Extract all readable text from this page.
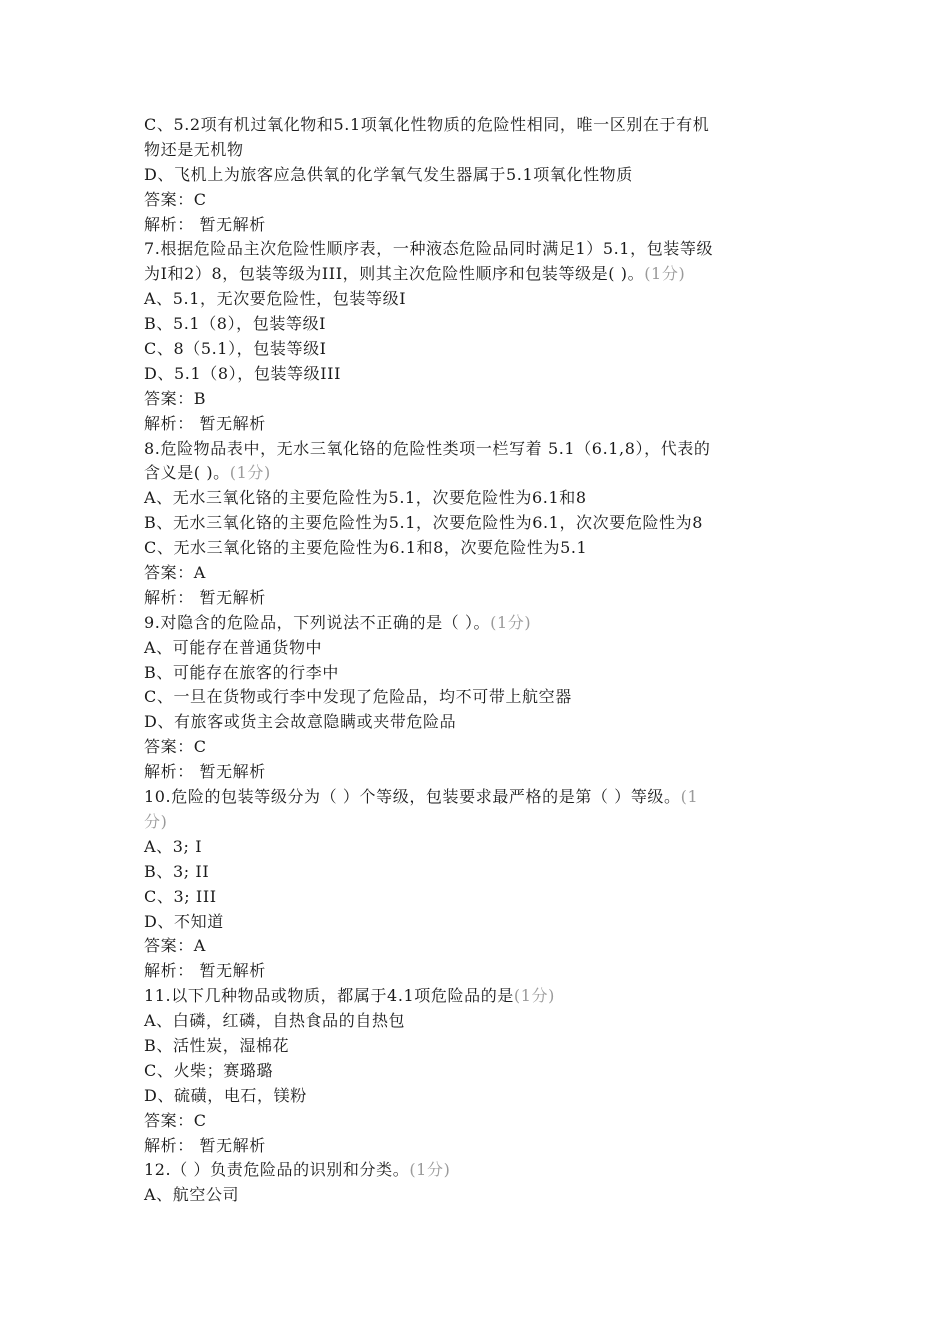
C、5.2项有机过氧化物和5.1项氧化性物质的危险性相同，唯一区别在于有机
物还是无机物
D、飞机上为旅客应急供氧的化学氧气发生器属于5.1项氧化性物质
答案：C
解析： 暂无解析
7.根据危险品主次危险性顺序表，一种液态危险品同时满足1）5.1，包装等级
为Ⅰ和2）8，包装等级为III，则其主次危险性顺序和包装等级是( )。(1分)
A、5.1，无次要危险性，包装等级I
B、5.1（8），包装等级I
C、8（5.1），包装等级I
D、5.1（8），包装等级III
答案：B
解析： 暂无解析
8.危险物品表中，无水三氧化铬的危险性类项一栏写着 5.1（6.1,8），代表的
含义是( )。(1分)
A、无水三氧化铬的主要危险性为5.1，次要危险性为6.1和8
B、无水三氧化铬的主要危险性为5.1，次要危险性为6.1，次次要危险性为8
C、无水三氧化铬的主要危险性为6.1和8，次要危险性为5.1
答案：A
解析： 暂无解析
9.对隐含的危险品，下列说法不正确的是（ ）。(1分)
A、可能存在普通货物中
B、可能存在旅客的行李中
C、一旦在货物或行李中发现了危险品，均不可带上航空器
D、有旅客或货主会故意隐瞒或夹带危险品
答案：C
解析： 暂无解析
10.危险的包装等级分为（ ）个等级，包装要求最严格的是第（ ）等级。(1
分)
A、3; I
B、3; II
C、3; III
D、不知道
答案：A
解析： 暂无解析
11.以下几种物品或物质，都属于4.1项危险品的是(1分)
A、白磷，红磷，自热食品的自热包
B、活性炭，湿棉花
C、火柴；赛璐璐
D、硫磺，电石，镁粉
答案：C
解析： 暂无解析
12.（ ）负责危险品的识别和分类。(1分)
A、航空公司
